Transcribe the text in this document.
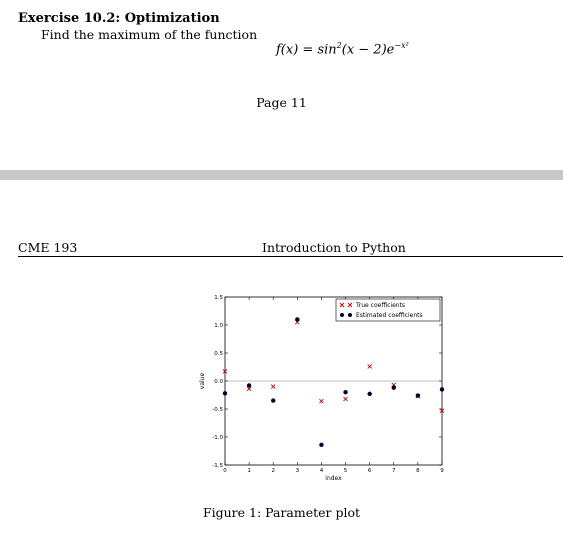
Exercise 10.2: Optimization
Find the maximum of the function
$f(x) = \sin^2(x - 2)e^{-x^2}$
Page 11
CME 193	Introduction to Python
0	1	2	3	4	5	6	7	8	9
1.5
1.0
0.5
0.0
-0.5
-1.0
-1.5
True coefficients
Estimated coefficients
value
index
Figure 1: Parameter plot
